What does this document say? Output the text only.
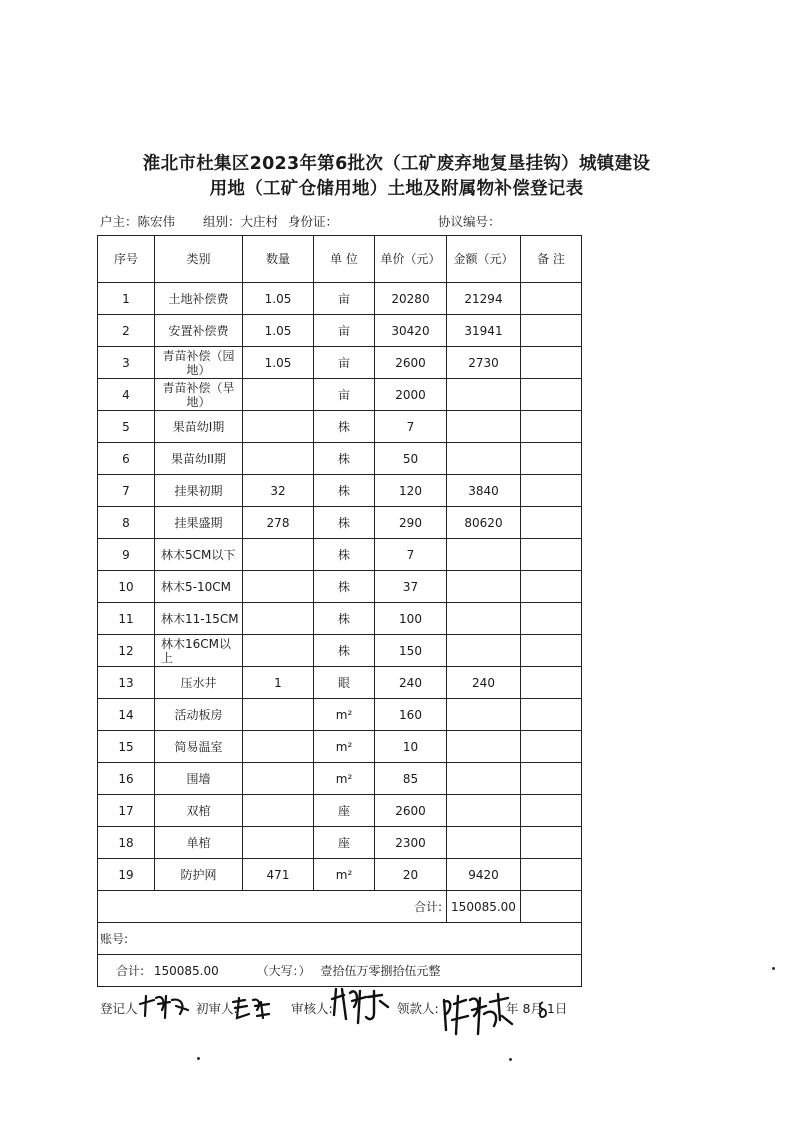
淮北市杜集区2023年第6批次（工矿废弃地复垦挂钩）城镇建设
用地（工矿仓储用地）土地及附属物补偿登记表
户主：陈宏伟 组别：大庄村 身份证：	协议编号：
序号	类别	数量	单 位	单价（元）	金额（元）	备 注
1	土地补偿费	1.05	亩	20280	21294	
2	安置补偿费	1.05	亩	30420	31941	
3	青苗补偿（园地）	1.05	亩	2600	2730	
4	青苗补偿（旱地）		亩	2000		
5	果苗幼I期		株	7		
6	果苗幼II期		株	50		
7	挂果初期	32	株	120	3840	
8	挂果盛期	278	株	290	80620	
9	林木5CM以下		株	7		
10	林木5-10CM		株	37		
11	林木11-15CM		株	100		
12	林木16CM以上		株	150		
13	压水井	1	眼	240	240	
14	活动板房		m²	160		
15	简易温室		m²	10		
16	围墙		m²	85		
17	双棺		座	2600		
18	单棺		座	2300		
19	防护网	471	m²	20	9420	
合计:					150085.00	
账号:						
合计: 150085.00 （大写：） 壹拾伍万零捌拾伍元整						
登记人	初审人:	审核人:	领款人:	年 8月 1日
